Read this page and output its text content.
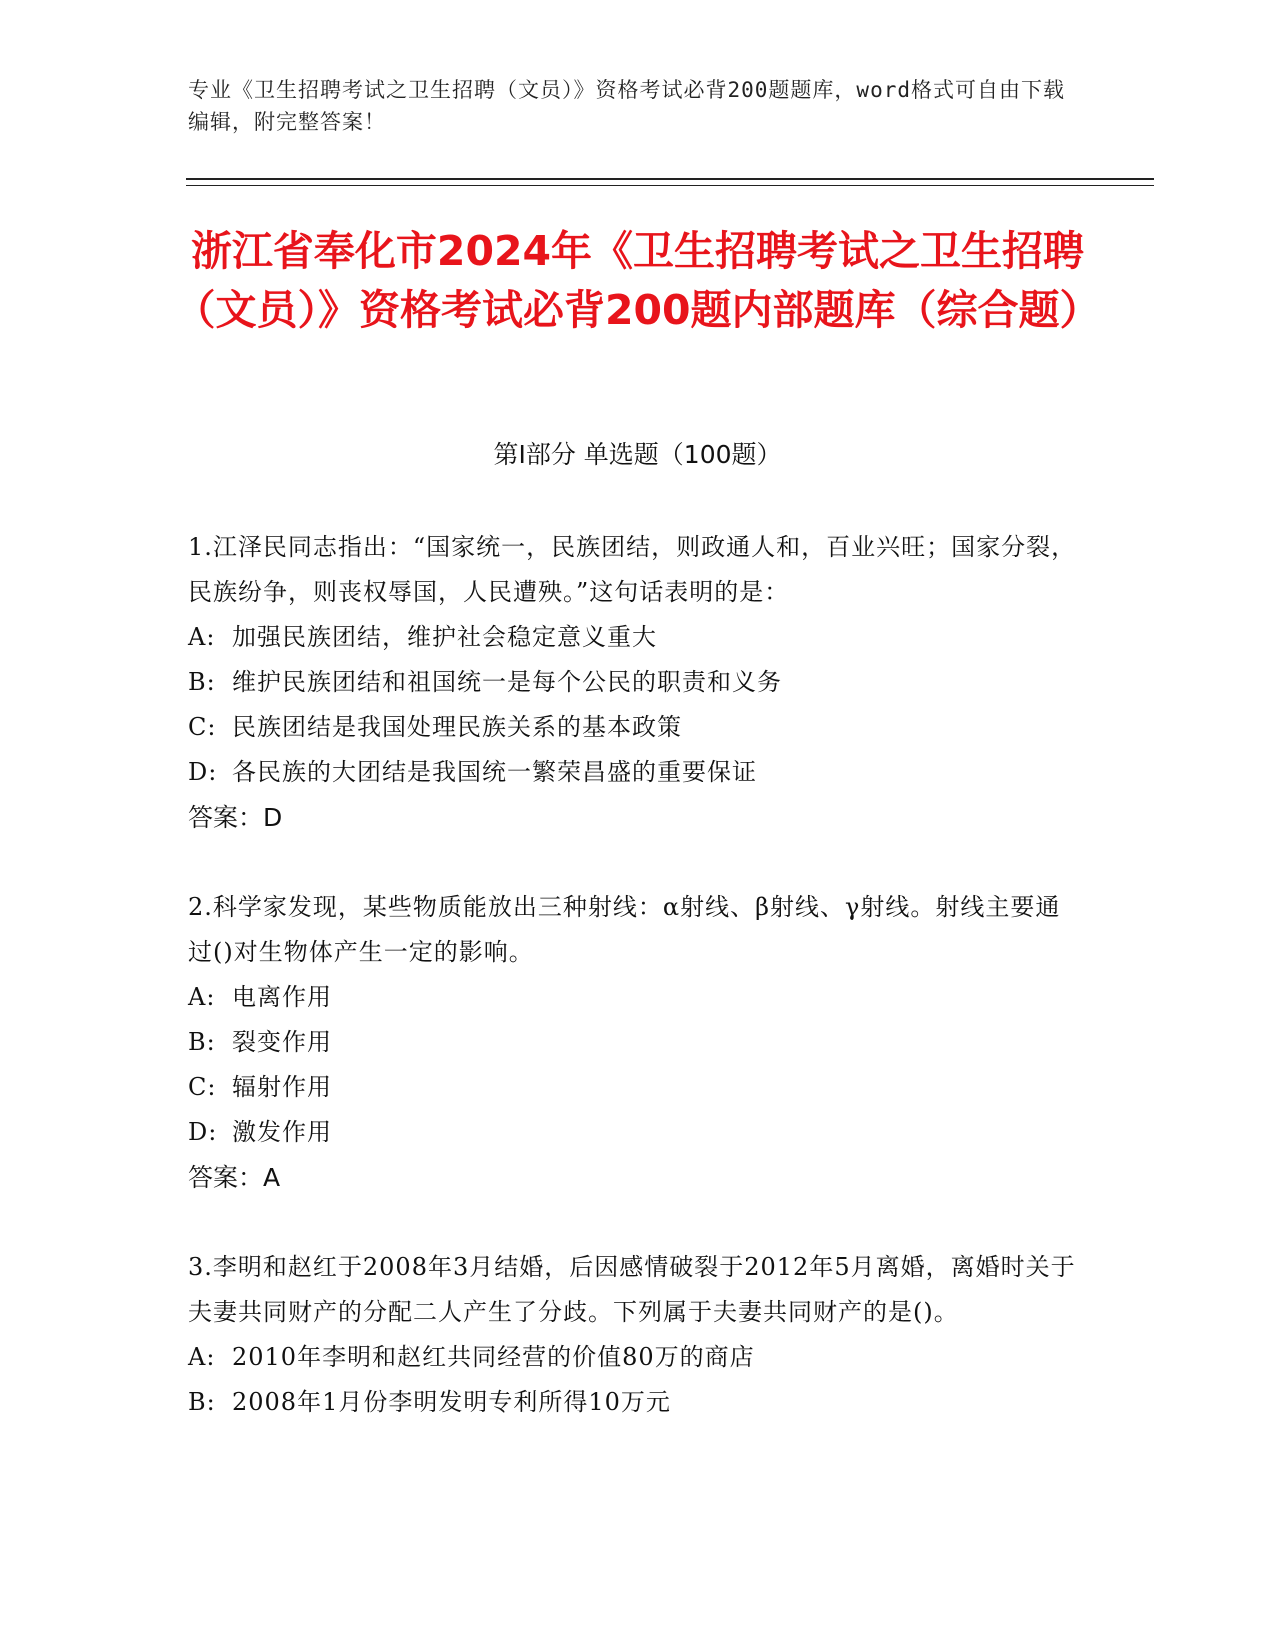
专业《卫生招聘考试之卫生招聘（文员）》资格考试必背200题题库，word格式可自由下载编辑，附完整答案！
浙江省奉化市2024年《卫生招聘考试之卫生招聘（文员）》资格考试必背200题内部题库（综合题）
第Ⅰ部分 单选题（100题）
1.江泽民同志指出：“国家统一，民族团结，则政通人和，百业兴旺；国家分裂，民族纷争，则丧权辱国，人民遭殃。”这句话表明的是：
A: 加强民族团结，维护社会稳定意义重大
B: 维护民族团结和祖国统一是每个公民的职责和义务
C: 民族团结是我国处理民族关系的基本政策
D: 各民族的大团结是我国统一繁荣昌盛的重要保证
答案：D
2.科学家发现，某些物质能放出三种射线：α射线、β射线、γ射线。射线主要通过()对生物体产生一定的影响。
A: 电离作用
B: 裂变作用
C: 辐射作用
D: 激发作用
答案：A
3.李明和赵红于2008年3月结婚，后因感情破裂于2012年5月离婚，离婚时关于夫妻共同财产的分配二人产生了分歧。下列属于夫妻共同财产的是()。
A: 2010年李明和赵红共同经营的价值80万的商店
B: 2008年1月份李明发明专利所得10万元
